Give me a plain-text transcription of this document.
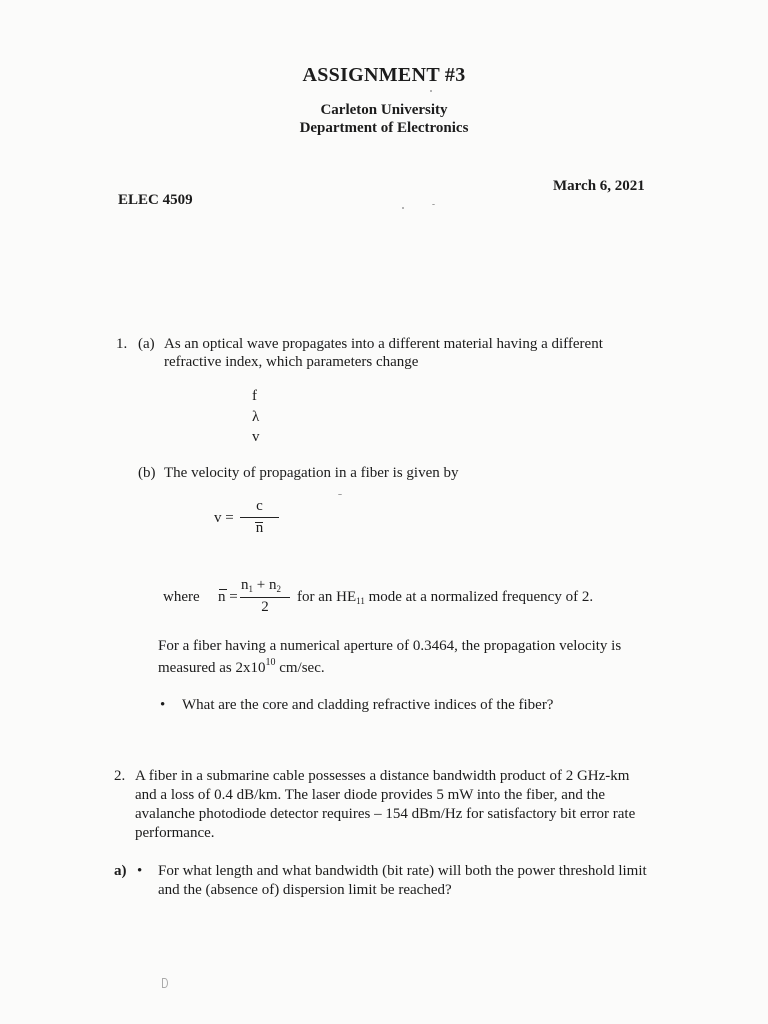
ASSIGNMENT #3
Carleton University
Department of Electronics
March 6, 2021
ELEC 4509
1. (a) As an optical wave propagates into a different material having a different
refractive index, which parameters change
f
λ
v
(b) The velocity of propagation in a fiber is given by
v =
c
n
where n =
$n_1 + n_2$
2
for an $HE_{11}$ mode at a normalized frequency of 2.
For a fiber having a numerical aperture of 0.3464, the propagation velocity is
measured as $2x10^{10}$ cm/sec.
• What are the core and cladding refractive indices of the fiber?
2. A fiber in a submarine cable possesses a distance bandwidth product of 2 GHz-km
and a loss of 0.4 dB/km. The laser diode provides 5 mW into the fiber, and the
avalanche photodiode detector requires – 154 dBm/Hz for satisfactory bit error rate
performance.
a) • For what length and what bandwidth (bit rate) will both the power threshold limit
and the (absence of) dispersion limit be reached?
